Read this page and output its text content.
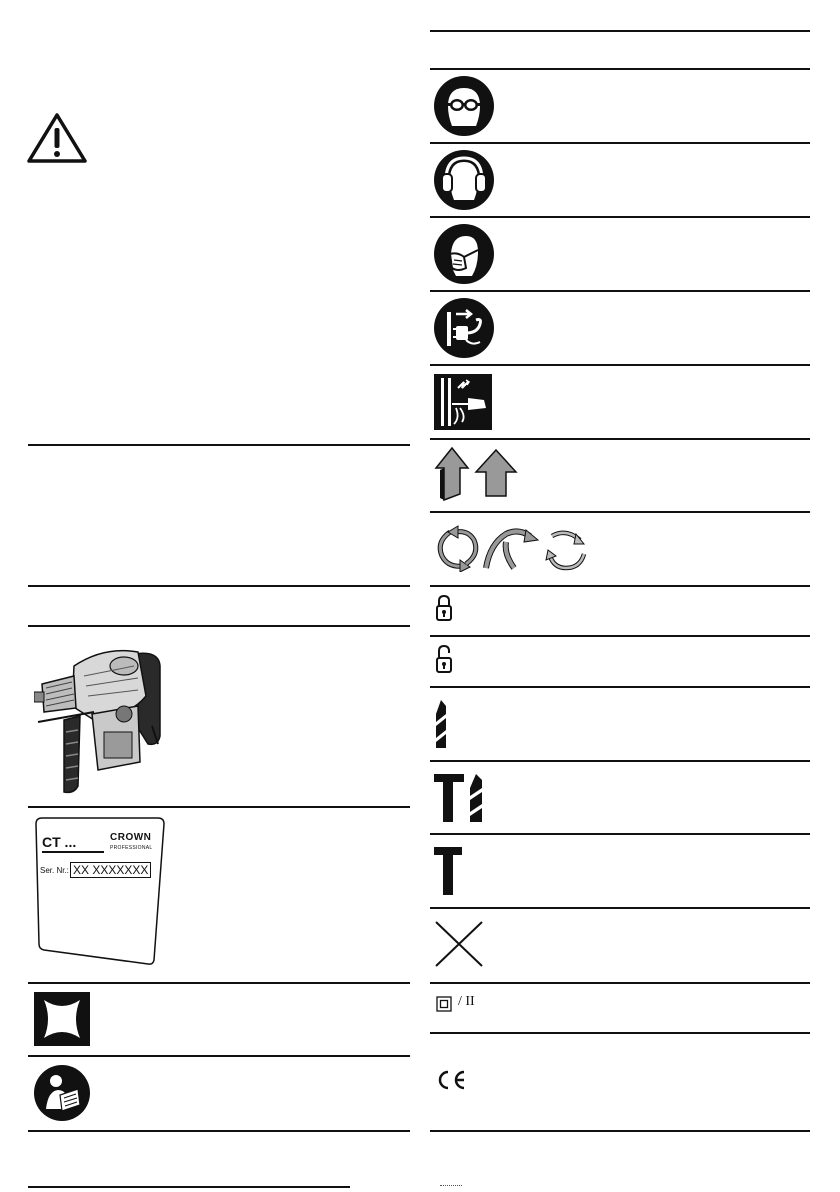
CT ...	CROWN
PROFESSIONAL
Ser. Nr.: XX XXXXXXX
/ II
